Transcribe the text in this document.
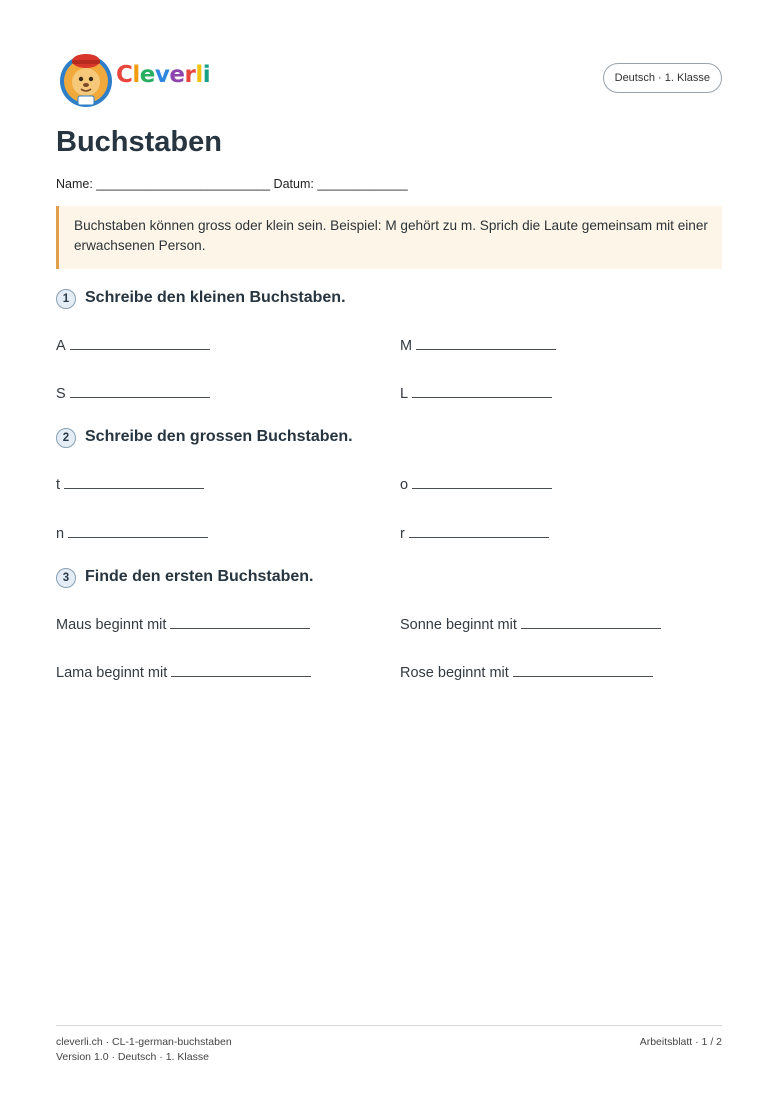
Cleverli	Deutsch · 1. Klasse
Buchstaben
Name: _________________________ Datum: _____________
Buchstaben können gross oder klein sein. Beispiel: M gehört zu m. Sprich die Laute gemeinsam mit einer erwachsenen Person.
1 Schreibe den kleinen Buchstaben.
A	M
S	L
2 Schreibe den grossen Buchstaben.
t	o
n	r
3 Finde den ersten Buchstaben.
Maus beginnt mit	Sonne beginnt mit
Lama beginnt mit	Rose beginnt mit
cleverli.ch · CL-1-german-buchstaben
Version 1.0 · Deutsch · 1. Klasse
Arbeitsblatt · 1 / 2
